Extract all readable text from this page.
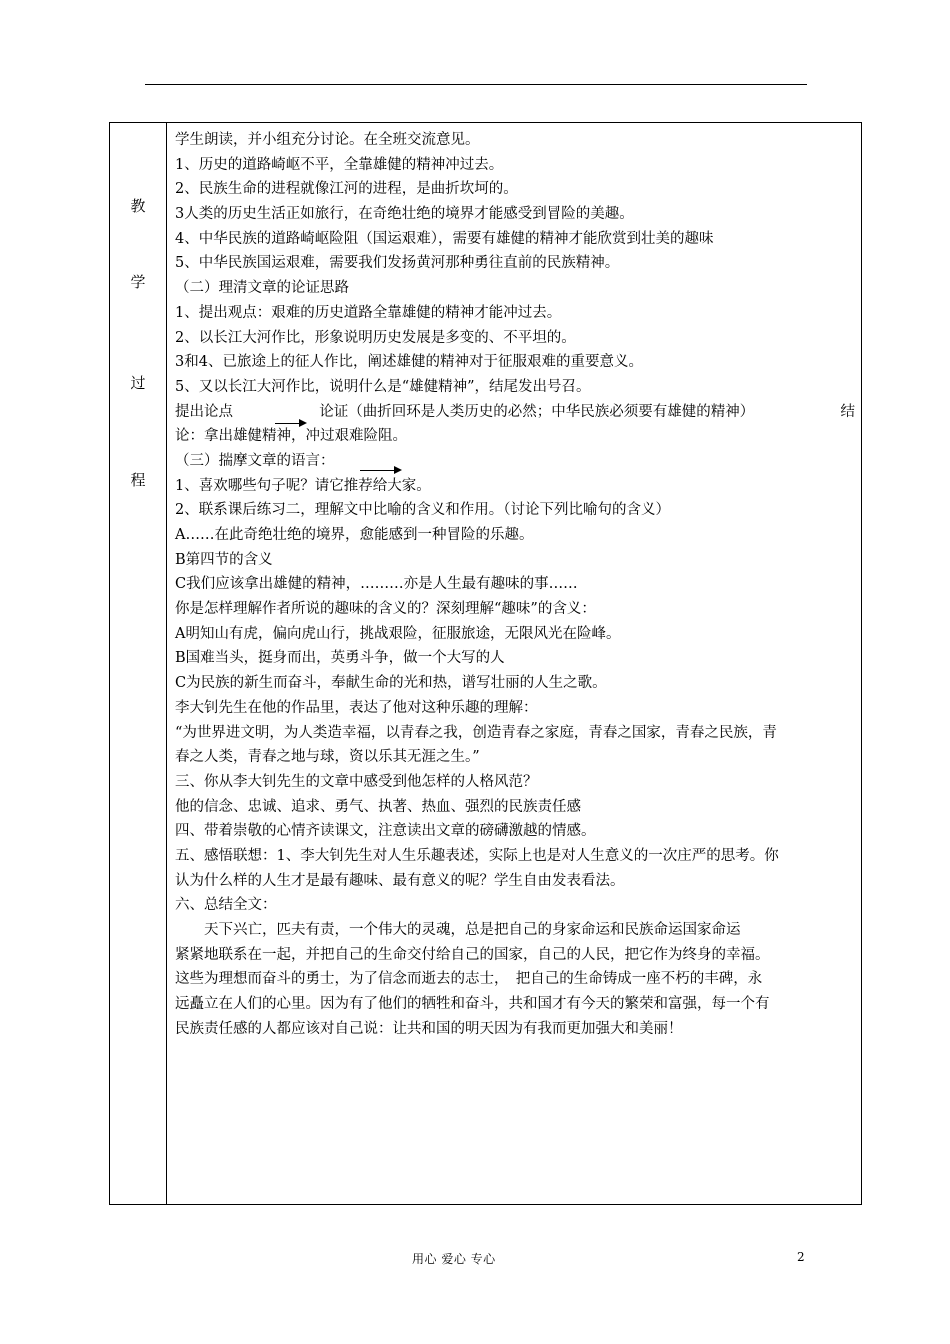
教
学
过
程
学生朗读，并小组充分讨论。在全班交流意见。
1、历史的道路崎岖不平，全靠雄健的精神冲过去。
2、民族生命的进程就像江河的进程，是曲折坎坷的。
3人类的历史生活正如旅行，在奇绝壮绝的境界才能感受到冒险的美趣。
4、中华民族的道路崎岖险阻（国运艰难），需要有雄健的精神才能欣赏到壮美的趣味
5、中华民族国运艰难，需要我们发扬黄河那种勇往直前的民族精神。
（二）理清文章的论证思路
1、提出观点：艰难的历史道路全靠雄健的精神才能冲过去。
2、以长江大河作比，形象说明历史发展是多变的、不平坦的。
3和4、已旅途上的征人作比，阐述雄健的精神对于征服艰难的重要意义。
5、又以长江大河作比，说明什么是“雄健精神”，结尾发出号召。
提出论点	论证（曲折回环是人类历史的必然；中华民族必须要有雄健的精神）	结
论：拿出雄健精神，冲过艰难险阻。
（三）揣摩文章的语言：
1、喜欢哪些句子呢？请它推荐给大家。
2、联系课后练习二，理解文中比喻的含义和作用。（讨论下列比喻句的含义）
A……在此奇绝壮绝的境界，愈能感到一种冒险的乐趣。
B第四节的含义
C我们应该拿出雄健的精神，………亦是人生最有趣味的事……
你是怎样理解作者所说的趣味的含义的？深刻理解“趣味”的含义：
A明知山有虎，偏向虎山行，挑战艰险，征服旅途，无限风光在险峰。
B国难当头，挺身而出，英勇斗争，做一个大写的人
C为民族的新生而奋斗，奉献生命的光和热，谱写壮丽的人生之歌。
李大钊先生在他的作品里，表达了他对这种乐趣的理解：
“为世界进文明，为人类造幸福，以青春之我，创造青春之家庭，青春之国家，青春之民族，青
春之人类，青春之地与球，资以乐其无涯之生。”
三、你从李大钊先生的文章中感受到他怎样的人格风范？
他的信念、忠诚、追求、勇气、执著、热血、强烈的民族责任感
四、带着崇敬的心情齐读课文，注意读出文章的磅礴激越的情感。
五、感悟联想：1、李大钊先生对人生乐趣表述，实际上也是对人生意义的一次庄严的思考。你
认为什么样的人生才是最有趣味、最有意义的呢？学生自由发表看法。
六、总结全文：
天下兴亡，匹夫有责，一个伟大的灵魂，总是把自己的身家命运和民族命运国家命运
紧紧地联系在一起，并把自己的生命交付给自己的国家，自己的人民，把它作为终身的幸福。
这些为理想而奋斗的勇士，为了信念而逝去的志士，　把自己的生命铸成一座不朽的丰碑，永
远矗立在人们的心里。因为有了他们的牺牲和奋斗，共和国才有今天的繁荣和富强，每一个有
民族责任感的人都应该对自己说：让共和国的明天因为有我而更加强大和美丽！
用心 爱心 专心	2
